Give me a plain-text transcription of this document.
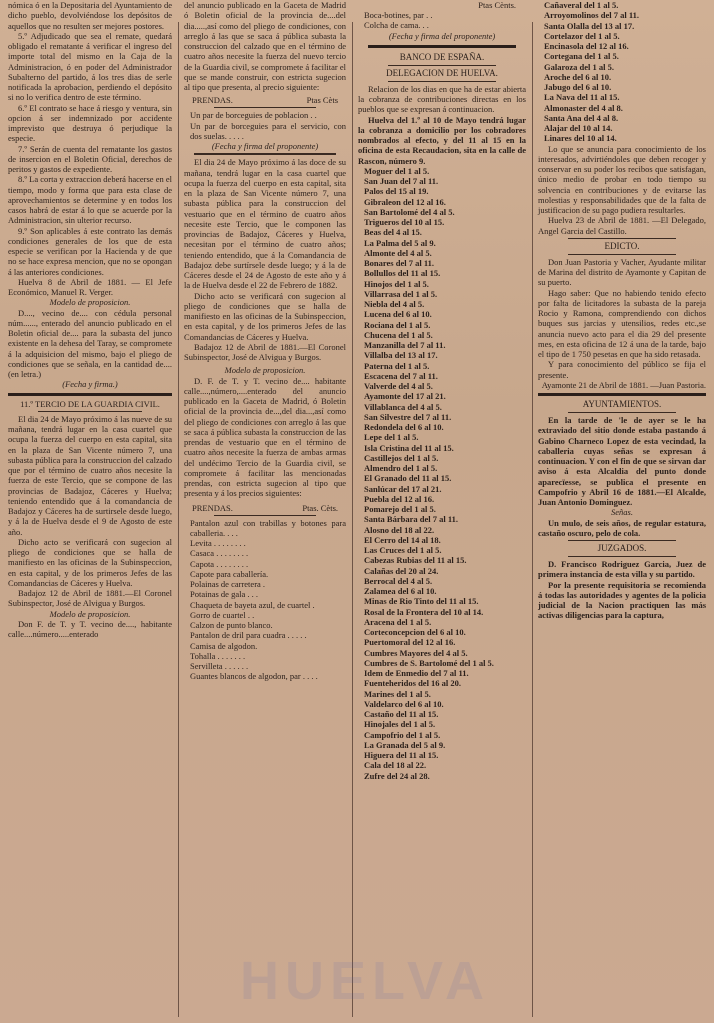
nómica ó en la Depositaria del Ayuntamiento de dicho pueblo, devolviéndose los depósitos de aquellos que no resulten ser mejores postores.

5.º Adjudicado que sea el remate, quedará obligado el rematante á verificar el ingreso del importe total del mismo en la Caja de la Administracion, ó en poder del Administrador Subalterno del partido, á los tres dias de serle notificada la aprobacion, perdiendo el depósito si no lo verifica dentro de este término.

6.º El contrato se hace á riesgo y ventura, sin opcion á ser indemnizado por accidente imprevisto que destruya ó perjudique la especie.

7.º Serán de cuenta del rematante los gastos de insercion en el Boletin Oficial, derechos de peritos y gastos de expediente.

8.º La corta y extraccion deberá hacerse en el tiempo, modo y forma que para esta clase de aprovechamientos se determine y en todos los casos habrá de estar á lo que se acuerde por la Administracion, sin ulterior recurso.

9.º Son aplicables á este contrato las demás condiciones generales de los que de esta especie se verifican por la Hacienda y de que no se hace expresa mencion, que no se opongan á las anteriores condiciones.

Huelva 8 de Abril de 1881. — El Jefe Económico, Manuel R. Verger.

Modelo de proposicion.

D...., vecino de.... con cédula personal núm......, enterado del anuncio publicado en el Boletin oficial de.... para la subasta del junco existente en la dehesa del Taray, se compromete á la adquisicion del mismo, bajo el pliego de condiciones que se señala, en la cantidad de.... (en letra.)

(Fecha y firma.)

11.º TERCIO DE LA GUARDIA CIVIL.

El dia 24 de Mayo próximo á las nueve de su mañana, tendrá lugar en la casa cuartel que ocupa la fuerza del cuerpo en esta capital, sita en la plaza de San Vicente número 7, una subasta pública para la construccion del calzado que por el término de cuatro años necesite la fuerza de este Tercio, que se compone de las provincias de Badajoz, Cáceres y Huelva; teniendo entendido que á la comandancia de Badajoz y Cáceres ha de surtirsele desde luego, y á la de Huelva desde el 9 de Agosto de este año.

Dicho acto se verificará con sugecion al pliego de condiciones que se halla de manifiesto en las oficinas de la Subinspeccion, en esta capital, y de los primeros Jefes de las Comandancias de Cáceres y Huelva.

Badajoz 12 de Abril de 1881.—El Coronel Subinspector, José de Alvigua y Burgos.

Modelo de proposicion.

Don F. de T. y T. vecino de...., habitante calle....número.....enterado

del anuncio publicado en la Gaceta de Madrid ó Boletin oficial de la provincia de....del dia.....,así como del pliego de condiciones, con arreglo á las que se saca á pública subasta la construccion del calzado que en el término de cuatro años necesite la fuerza del nuevo tercio de la Guardia civil, se compromete á facilitar el que se mande construir, con estricta sugecion al tipo que presenta, al precio siguiente:

PRENDAS.	Ptas Cèts

Un par de borceguies de poblacion . .

Un par de borceguies para el servicio, con dos suelas. . . . .

(Fecha y firma del proponente)

El dia 24 de Mayo próximo á las doce de su mañana, tendrá lugar en la casa cuartel que ocupa la fuerza del cuerpo en esta capital, sita en la plaza de San Vicente número 7, una subasta pública para la construccion del vestuario que en el término de cuatro años necesite este Tercio, que le componen las provincias de Badajoz, Cáceres y Huelva, necesitan por el término de cuatro años; teniendo entendido, que á la Comandancia de Badajoz debe surtírsele desde luego; y á la de Cáceres desde el 24 de Agosto de este año y á la de Huelva desde el 22 de Febrero de 1882.

Dicho acto se verificará con sugecion al pliego de condiciones que se halla de manifiesto en las oficinas de la Subinspeccion, en esta capital, y de los primeros Jefes de las Comandancias de Cáceres y Huelva.

Badajoz 12 de Abril de 1881.—El Coronel Subinspector, José de Alvigua y Burgos.

Modelo de proposicion.

D. F. de T. y T. vecino de.... habitante calle....,número,....enterado del anuncio publicado en la Gaceta de Madrid, ó Boletin oficial de la provincia de...,del dia...,así como del pliego de condiciones con arreglo á las que se saca á pública subasta la construccion de las prendas de vestuario que en el término de cuatro años necesite la fuerza de ambas armas del undécimo Tercio de la Guardia civil, se compromete á facilitar las mencionadas prendas, con estricta sugecion al tipo que presenta y á los precios siguientes:

PRENDAS.	Ptas. Cèts.

Pantalon azul con trabillas y botones para caballeria. . . .

Levita . . . . . . . .

Casaca . . . . . . . .

Capota . . . . . . . .

Capote para caballería.

Polainas de carretera .

Potainas de gala . . .

Chaqueta de bayeta azul, de cuartel .

Gorro de cuartel . .

Calzon de punto blanco.

Pantalon de dril para cuadra . . . . .

Camisa de algodon.

Tohalla . . . . . . .

Servilleta . . . . . .

Guantes blancos de algodon, par . . . .

Ptas Cènts.

Boca-botines, par . .

Colcha de cama. . .

(Fecha y firma del proponente)

BANCO DE ESPAÑA.

DELEGACION DE HUELVA.

Relacion de los dias en que ha de estar abierta la cobranza de contribuciones directas en los pueblos que se expresan á continuacion.

Huelva del 1.º al 10 de Mayo tendrá lugar la cobranza a domicilio por los cobradores nombrados al efecto, y del 11 al 15 en la oficina de esta Recaudacion, sita en la calle de Rascon, número 9.

Moguer del 1 al 5.

San Juan del 7 al 11.

Palos del 15 al 19.

Gibraleon del 12 al 16.

San Bartolomé del 4 al 5.

Trigueros del 10 al 15.

Beas del 4 al 15.

La Palma del 5 al 9.

Almonte del 4 al 5.

Bonares del 7 al 11.

Bollullos del 11 al 15.

Hinojos del 1 al 5.

Villarrasa del 1 al 5.

Niebla del 4 al 5.

Lucena del 6 al 10.

Rociana del 1 al 5.

Chucena del 1 al 5.

Manzanilla del 7 al 11.

Villalba del 13 al 17.

Paterna del 1 al 5.

Escacena del 7 al 11.

Valverde del 4 al 5.

Ayamonte del 17 al 21.

Villablanca del 4 al 5.

San Silvestre del 7 al 11.

Redondela del 6 al 10.

Lepe del 1 al 5.

Isla Cristina del 11 al 15.

Castillejos del 1 al 5.

Almendro del 1 al 5.

El Granado del 11 al 15.

Sanlúcar del 17 al 21.

Puebla del 12 al 16.

Pomarejo del 1 al 5.

Santa Bárbara del 7 al 11.

Alosno del 18 al 22.

El Cerro del 14 al 18.

Las Cruces del 1 al 5.

Cabezas Rubias del 11 al 15.

Calañas del 20 al 24.

Berrocal del 4 al 5.

Zalamea del 6 al 10.

Minas de Rio Tinto del 11 al 15.

Rosal de la Frontera del 10 al 14.

Aracena del 1 al 5.

Corteconcepcion del 6 al 10.

Puertomoral del 12 al 16.

Cumbres Mayores del 4 al 5.

Cumbres de S. Bartolomé del 1 al 5.

Idem de Enmedio del 7 al 11.

Fuenteheridos del 16 al 20.

Marines del 1 al 5.

Valdelarco del 6 al 10.

Castaño del 11 al 15.

Hinojales del 1 al 5.

Campofrio del 1 al 5.

La Granada del 5 al 9.

Higuera del 11 al 15.

Cala del 18 al 22.

Zufre del 24 al 28.

Cañaveral del 1 al 5.

Arroyomolinos del 7 al 11.

Santa Olalla del 13 al 17.

Cortelazor del 1 al 5.

Encinasola del 12 al 16.

Cortegana del 1 al 5.

Galaroza del 1 al 5.

Aroche del 6 al 10.

Jabugo del 6 al 10.

La Nava del 11 al 15.

Almonaster del 4 al 8.

Santa Ana del 4 al 8.

Alajar del 10 al 14.

Linares del 10 al 14.

Lo que se anuncia para conocimiento de los interesados, advirtiéndoles que deben recoger y conservar en su poder los recibos que satisfagan, único medio de probar en todo tiempo su solvencia en contribuciones y de evitarse las molestias y responsabilidades que de la falta de justificacion de su pago pudiera resultarles.

Huelva 23 de Abril de 1881. —El Delegado, Angel Garcia del Castillo.

EDICTO.

Don Juan Pastoria y Vacher, Ayudante militar de Marina del distrito de Ayamonte y Capitan de su puerto.

Hago saber: Que no habiendo tenido efecto por falta de licitadores la subasta de la pareja Rocio y Ramona, comprendiendo con dichos buques sus jarcias y utensilios, redes etc.,se anuncia nuevo acto para el dia 29 del presente mes, en esta oficina de 12 á una de la tarde, bajo el tipo de 1 750 pesetas en que ha sido retasada.

Y para conocimiento del público se fija el presente.

Ayamonte 21 de Abril de 1881. —Juan Pastoria.

AYUNTAMIENTOS.

En la tarde de 'le de ayer se le ha extraviado del sitio donde estaba pastando á Gabino Charneco Lopez de esta vecindad, la caballeria cuyas señas se expresan á continuacion. Y con el fin de que se sirvan dar aviso á esta Alcaldia del punto donde aparecïesse, se publica el presente en Campofrio y Abril 16 de 1881.—El Alcalde, Juan Antonio Dominguez.

Señas.

Un mulo, de seis años, de regular estatura, castaño oscuro, pelo de cola.

JUZGADOS.

D. Francisco Rodriguez Garcia, Juez de primera instancia de esta villa y su partido.

Por la presente requisitoria se recomienda á todas las autoridades y agentes de la policia judicial de la Nacion practiquen las más activas diligencias para la captura,

HUELVA
